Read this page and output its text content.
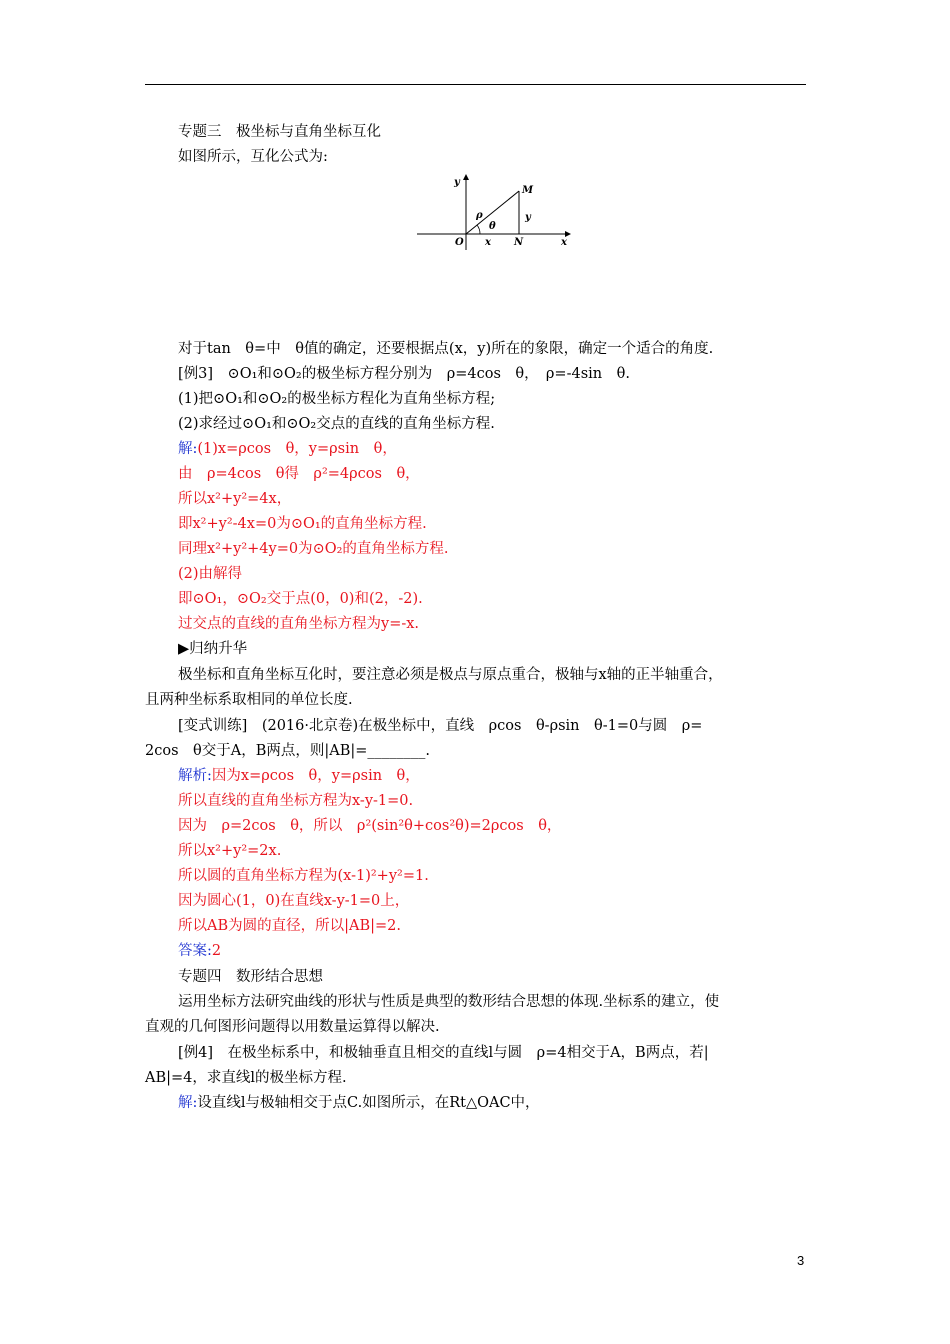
专题三　极坐标与直角坐标互化
如图所示，互化公式为:
y
x
O
M
N
ρ
θ
x
y
对于tan　θ=中　θ值的确定，还要根据点(x，y)所在的象限，确定一个适合的角度.
[例3]　⊙O₁和⊙O₂的极坐标方程分别为　ρ=4cos　θ，　ρ=-4sin　θ.
(1)把⊙O₁和⊙O₂的极坐标方程化为直角坐标方程;
(2)求经过⊙O₁和⊙O₂交点的直线的直角坐标方程.
解:(1)x=ρcos　θ，y=ρsin　θ，
由　ρ=4cos　θ得　ρ²=4ρcos　θ，
所以x²+y²=4x，
即x²+y²-4x=0为⊙O₁的直角坐标方程.
同理x²+y²+4y=0为⊙O₂的直角坐标方程.
(2)由解得
即⊙O₁，⊙O₂交于点(0，0)和(2，-2).
过交点的直线的直角坐标方程为y=-x.
▶归纳升华
极坐标和直角坐标互化时，要注意必须是极点与原点重合，极轴与x轴的正半轴重合，
且两种坐标系取相同的单位长度.
[变式训练]　(2016·北京卷)在极坐标中，直线　ρcos　θ-ρsin　θ-1=0与圆　ρ=
2cos　θ交于A，B两点，则|AB|=________.
解析:因为x=ρcos　θ，y=ρsin　θ，
所以直线的直角坐标方程为x-y-1=0.
因为　ρ=2cos　θ，所以　ρ²(sin²θ+cos²θ)=2ρcos　θ，
所以x²+y²=2x.
所以圆的直角坐标方程为(x-1)²+y²=1.
因为圆心(1，0)在直线x-y-1=0上，
所以AB为圆的直径，所以|AB|=2.
答案:2
专题四　数形结合思想
运用坐标方法研究曲线的形状与性质是典型的数形结合思想的体现.坐标系的建立，使
直观的几何图形问题得以用数量运算得以解决.
[例4]　在极坐标系中，和极轴垂直且相交的直线l与圆　ρ=4相交于A，B两点，若|
AB|=4，求直线l的极坐标方程.
解:设直线l与极轴相交于点C.如图所示，在Rt△OAC中，
3
